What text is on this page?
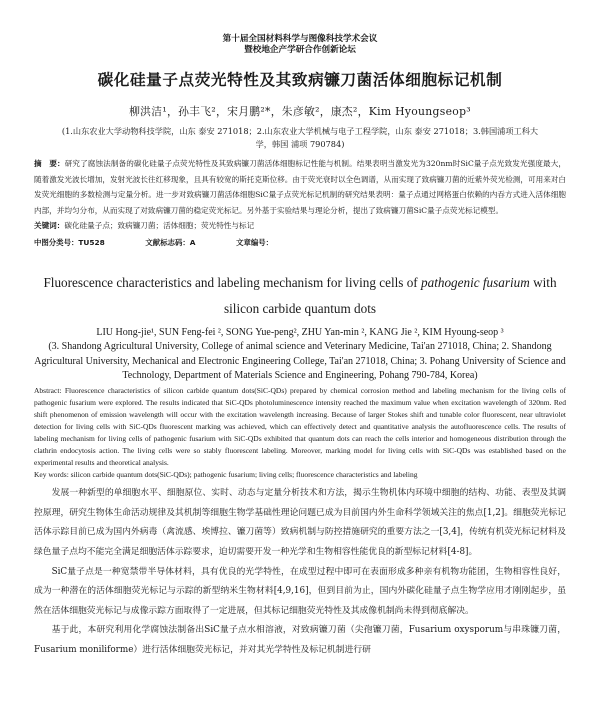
第十届全国材料科学与图像科技学术会议
暨校地企产学研合作创新论坛
碳化硅量子点荧光特性及其致病镰刀菌活体细胞标记机制
柳洪洁¹，孙丰飞²，宋月鹏²*，朱彦敏²，康杰²，Kim Hyoungseop³
(1.山东农业大学动物科技学院，山东 泰安 271018；2.山东农业大学机械与电子工程学院，山东 泰安 271018；3.韩国浦项工科大学，韩国 浦项 790784)
摘　要：研究了腐蚀法制备的碳化硅量子点荧光特性及其致病镰刀菌活体细胞标记性能与机制。结果表明当激发光为320nm时SiC量子点光致发光强度最大，随着激发光波长增加，发射光波长往红移现象，且具有较宽的斯托克斯位移。由于荧光衰时以全色调谱，从而实现了致病镰刀菌的近紫外荧光检测，可用来对白发荧光细胞的多数检测与定量分析。进一步对致病镰刀菌活体细胞SiC量子点荧光标记机制的研究结果表明：量子点通过网格蛋白依赖的内吞方式进入活体细胞内部，并均匀分布，从而实现了对致病镰刀菌的稳定荧光标记。另外基于实验结果与理论分析，提出了致病镰刀菌SiC量子点荧光标记模型。
关键词：碳化硅量子点；致病镰刀菌；活体细胞；荧光特性与标记
中图分类号：TU528	文献标志码：A	文章编号：
Fluorescence characteristics and labeling mechanism for living cells of pathogenic fusarium with silicon carbide quantum dots
LIU Hong-jie¹, SUN Feng-fei ², SONG Yue-peng², ZHU Yan-min ², KANG Jie ², KIM Hyoung-seop ³
(3. Shandong Agricultural University, College of animal science and Veterinary Medicine, Tai'an 271018, China; 2. Shandong Agricultural University, Mechanical and Electronic Engineering College, Tai'an 271018, China; 3. Pohang University of Science and Technology, Department of Materials Science and Engineering, Pohang 790-784, Korea)
Abstract: Fluorescence characteristics of silicon carbide quantum dots(SiC-QDs) prepared by chemical corrosion method and labeling mechanism for the living cells of pathogenic fusarium were explored. The results indicated that SiC-QDs photoluminescence intensity reached the maximum value when excitation wavelength of 320nm. Red shift phenomenon of emission wavelength will occur with the excitation wavelength increasing. Because of larger Stokes shift and tunable color fluorescent, near ultraviolet detection for living cells with SiC-QDs fluorescent marking was achieved, which can effectively detect and quantitative analysis the autofluorescence cells. The results of labeling mechanism for living cells of pathogenic fusarium with SiC-QDs exhibited that quantum dots can reach the cells interior and homogeneous distribution through the clathrin endocytosis action. The living cells were so stably fluorescent labeling. Moreover, marking model for living cells with SiC-QDs was established based on the experimental results and theoretical analysis.
Key words: silicon carbide quantum dots(SiC-QDs); pathogenic fusarium; living cells; fluorescence characteristics and labeling

发展一种新型的单细胞水平、细胞原位、实时、动态与定量分析技术和方法，揭示生物机体内环境中细胞的结构、功能、表型及其调控原理，研究生物体生命活动规律及其机制等细胞生物学基础性理论问题已成为目前国内外生命科学领域关注的焦点[1,2]。细胞荧光标记活体示踪目前已成为国内外病毒（禽流感、埃博拉、镰刀菌等）致病机制与防控措施研究的重要方法之一[3,4]，传统有机荧光标记材料及绿色量子点均不能完全满足细胞活体示踪要求，迫切需要开发一种光学和生物相容性能优良的新型标记材料[4-8]。

SiC量子点是一种宽禁带半导体材料，具有优良的光学特性，在成型过程中即可在表面形成多种亲有机物功能团，生物相容性良好，成为一种潜在的活体细胞荧光标记与示踪的新型纳米生物材料[4,9,16]，但到目前为止，国内外碳化硅量子点生物学应用才刚刚起步，虽然在活体细胞荧光标记与成像示踪方面取得了一定进展，但其标记细胞荧光特性及其成像机制尚未得到彻底解决。

基于此，本研究利用化学腐蚀法制备出SiC量子点水相溶液，对致病镰刀菌（尖孢镰刀菌，Fusarium oxysporum与串珠镰刀菌，Fusarium moniliforme）进行活体细胞荧光标记，并对其光学特性及标记机制进行研
